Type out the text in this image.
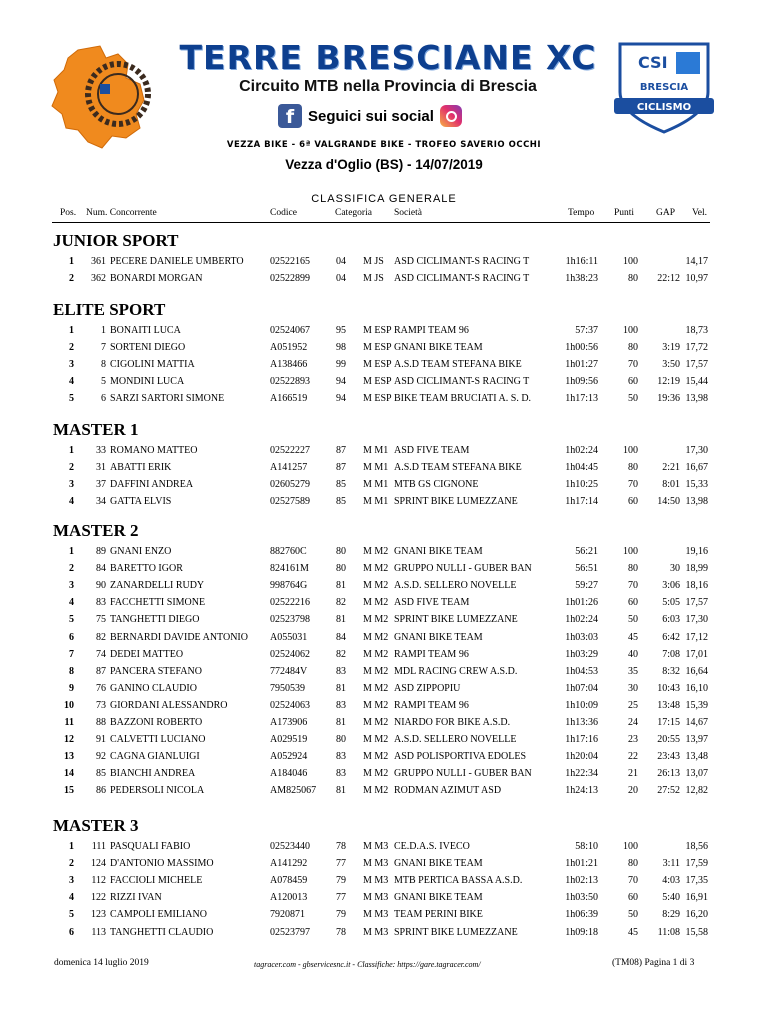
TERRE BRESCIANE XC
Circuito MTB nella Provincia di Brescia
f Seguici sui social
CSI
BRESCIA
CICLISMO
VEZZA BIKE - 6ª VALGRANDE BIKE - TROFEO SAVERIO OCCHI
Vezza d'Oglio (BS) - 14/07/2019
CLASSIFICA GENERALE
Pos. Num. Concorrente	Codice	Categoria Società	Tempo Punti GAP Vel.
JUNIOR SPORT
1	361 PECERE DANIELE UMBERTO	02522165	04 M JS ASD CICLIMANT-S RACING T	1h16:11	100	14,17
2	362 BONARDI MORGAN	02522899	04 M JS ASD CICLIMANT-S RACING T	1h38:23	80	22:12 10,97
ELITE SPORT
1	1 BONAITI LUCA	02524067	95 M ESP RAMPI TEAM 96	57:37	100	18,73
2	7 SORTENI DIEGO	A051952	98 M ESP GNANI BIKE TEAM	1h00:56	80	3:19 17,72
3	8 CIGOLINI MATTIA	A138466	99 M ESP A.S.D TEAM STEFANA BIKE	1h01:27	70	3:50 17,57
4	5 MONDINI LUCA	02522893	94 M ESP ASD CICLIMANT-S RACING T	1h09:56	60	12:19 15,44
5	6 SARZI SARTORI SIMONE	A166519	94 M ESP BIKE TEAM BRUCIATI A. S. D.	1h17:13	50	19:36 13,98
MASTER 1
1	33 ROMANO MATTEO	02522227	87 M M1 ASD FIVE TEAM	1h02:24	100	17,30
2	31 ABATTI ERIK	A141257	87 M M1 A.S.D TEAM STEFANA BIKE	1h04:45	80	2:21 16,67
3	37 DAFFINI ANDREA	02605279	85 M M1 MTB GS CIGNONE	1h10:25	70	8:01 15,33
4	34 GATTA ELVIS	02527589	85 M M1 SPRINT BIKE LUMEZZANE	1h17:14	60	14:50 13,98
MASTER 2
1	89 GNANI ENZO	882760C	80 M M2 GNANI BIKE TEAM	56:21	100	19,16
2	84 BARETTO IGOR	824161M	80 M M2 GRUPPO NULLI - GUBER BAN	56:51	80	30 18,99
3	90 ZANARDELLI RUDY	998764G	81 M M2 A.S.D. SELLERO NOVELLE	59:27	70	3:06 18,16
4	83 FACCHETTI SIMONE	02522216	82 M M2 ASD FIVE TEAM	1h01:26	60	5:05 17,57
5	75 TANGHETTI DIEGO	02523798	81 M M2 SPRINT BIKE LUMEZZANE	1h02:24	50	6:03 17,30
6	82 BERNARDI DAVIDE ANTONIO A055031	84 M M2 GNANI BIKE TEAM	1h03:03	45	6:42 17,12
7	74 DEDEI MATTEO	02524062	82 M M2 RAMPI TEAM 96	1h03:29	40	7:08 17,01
8	87 PANCERA STEFANO	772484V	83 M M2 MDL RACING CREW A.S.D.	1h04:53	35	8:32 16,64
9	76 GANINO CLAUDIO	7950539	81 M M2 ASD ZIPPOPIU	1h07:04	30	10:43 16,10
10	73 GIORDANI ALESSANDRO	02524063	83 M M2 RAMPI TEAM 96	1h10:09	25	13:48 15,39
11	88 BAZZONI ROBERTO	A173906	81 M M2 NIARDO FOR BIKE A.S.D.	1h13:36	24	17:15 14,67
12	91 CALVETTI LUCIANO	A029519	80 M M2 A.S.D. SELLERO NOVELLE	1h17:16	23	20:55 13,97
13	92 CAGNA GIANLUIGI	A052924	83 M M2 ASD POLISPORTIVA EDOLES	1h20:04	22	23:43 13,48
14	85 BIANCHI ANDREA	A184046	83 M M2 GRUPPO NULLI - GUBER BAN	1h22:34	21	26:13 13,07
15	86 PEDERSOLI NICOLA	AM825067 81 M M2 RODMAN AZIMUT ASD	1h24:13	20	27:52 12,82
MASTER 3
1	111 PASQUALI FABIO	02523440	78 M M3 CE.D.A.S. IVECO	58:10	100	18,56
2	124 D'ANTONIO MASSIMO	A141292	77 M M3 GNANI BIKE TEAM	1h01:21	80	3:11 17,59
3	112 FACCIOLI MICHELE	A078459	79 M M3 MTB PERTICA BASSA A.S.D.	1h02:13	70	4:03 17,35
4	122 RIZZI IVAN	A120013	77 M M3 GNANI BIKE TEAM	1h03:50	60	5:40 16,91
5	123 CAMPOLI EMILIANO	7920871	79 M M3 TEAM PERINI BIKE	1h06:39	50	8:29 16,20
6	113 TANGHETTI CLAUDIO	02523797	78 M M3 SPRINT BIKE LUMEZZANE	1h09:18	45	11:08 15,58
domenica 14 luglio 2019	tagracer.com - gbservicesnc.it - Classifiche: https://gare.tagracer.com/	(TM08) Pagina 1 di 3
